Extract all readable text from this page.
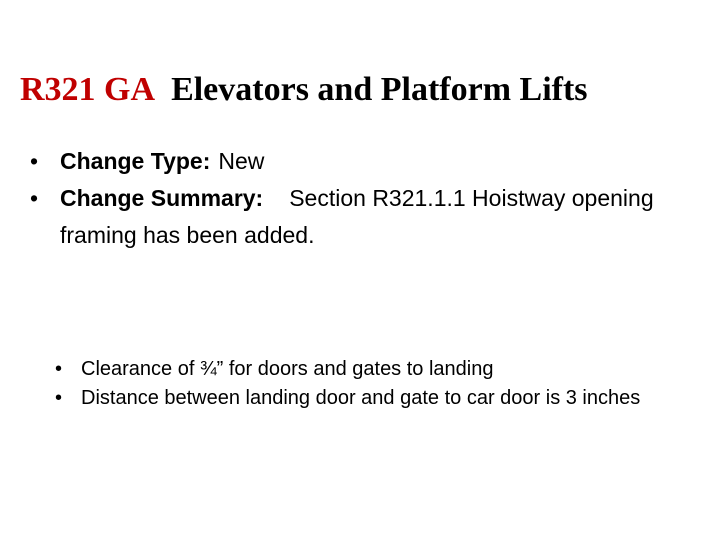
R321 GA Elevators and Platform Lifts
• Change Type: New
• Change Summary: Section R321.1.1 Hoistway opening framing has been added.
• Clearance of ¾” for doors and gates to landing
• Distance between landing door and gate to car door is 3 inches
